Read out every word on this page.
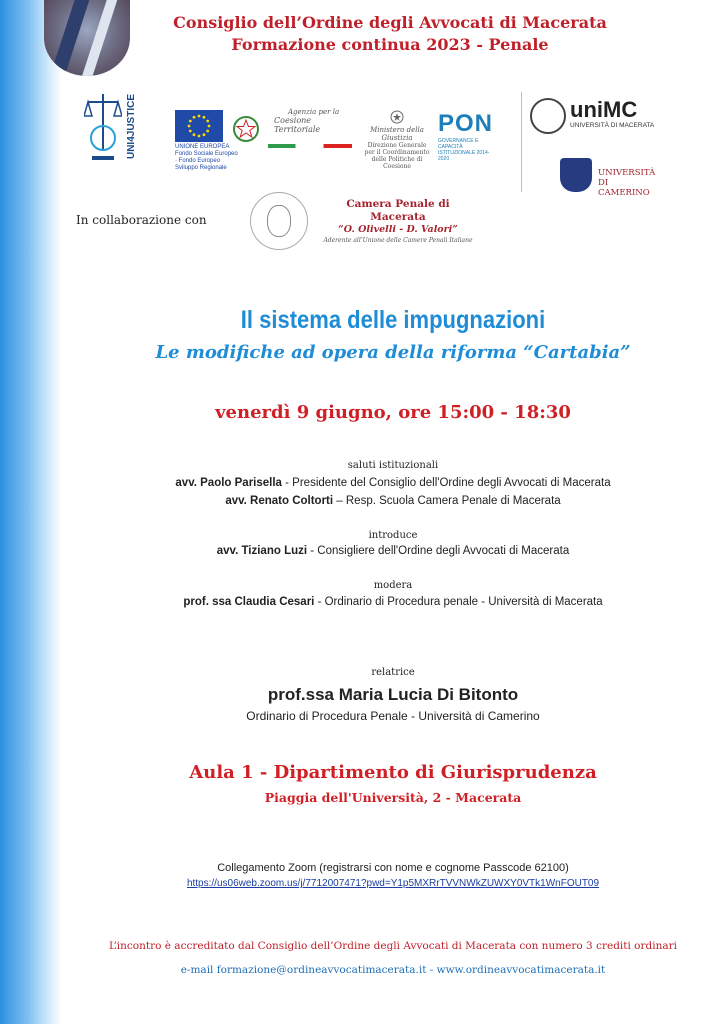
Consiglio dell’Ordine degli Avvocati di Macerata
Formazione continua 2023 - Penale
UNI4JUSTICE	UNIONE EUROPEA
Fondo Sociale Europeo · Fondo Europeo Sviluppo Regionale
Agenzia per la
Coesione Territoriale	Ministero della Giustizia
Direzione Generale per il Coordinamento delle Politiche di Coesione
PON
GOVERNANCE E CAPACITÀ ISTITUZIONALE 2014-2020
uniMC
UNIVERSITÀ DI MACERATA
UNIVERSITÀ DI CAMERINO
In collaborazione con
Camera Penale di Macerata
“O. Olivelli - D. Valori”
Aderente all’Unione delle Camere Penali Italiane
Il sistema delle impugnazioni
Le modifiche ad opera della riforma “Cartabia”
venerdì 9 giugno, ore 15:00 - 18:30
saluti istituzionali
avv. Paolo Parisella - Presidente del Consiglio dell'Ordine degli Avvocati di Macerata
avv. Renato Coltorti – Resp. Scuola Camera Penale di Macerata
introduce
avv. Tiziano Luzi - Consigliere dell'Ordine degli Avvocati di Macerata
modera
prof. ssa Claudia Cesari - Ordinario di Procedura penale - Università di Macerata
relatrice
prof.ssa Maria Lucia Di Bitonto
Ordinario di Procedura Penale - Università di Camerino
Aula 1 - Dipartimento di Giurisprudenza
Piaggia dell'Università, 2 - Macerata
Collegamento Zoom (registrarsi con nome e cognome Passcode 62100)
https://us06web.zoom.us/j/7712007471?pwd=Y1p5MXRrTVVNWkZUWXY0VTk1WnFOUT09
L’incontro è accreditato dal Consiglio dell’Ordine degli Avvocati di Macerata con numero 3 crediti ordinari
e-mail formazione@ordineavvocatimacerata.it - www.ordineavvocatimacerata.it
